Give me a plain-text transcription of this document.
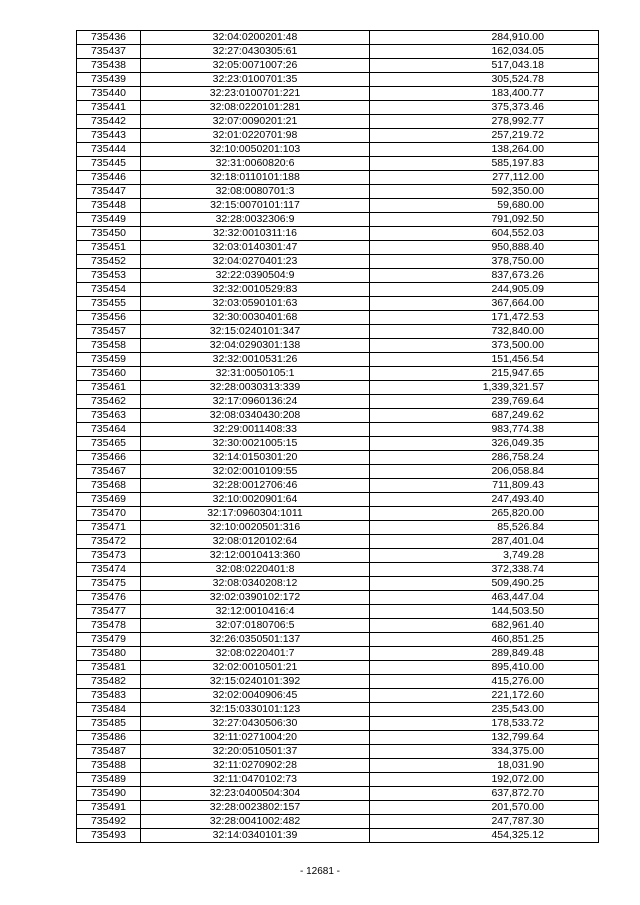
735436	32:04:0200201:48	284,910.00
735437	32:27:0430305:61	162,034.05
735438	32:05:0071007:26	517,043.18
735439	32:23:0100701:35	305,524.78
735440	32:23:0100701:221	183,400.77
735441	32:08:0220101:281	375,373.46
735442	32:07:0090201:21	278,992.77
735443	32:01:0220701:98	257,219.72
735444	32:10:0050201:103	138,264.00
735445	32:31:0060820:6	585,197.83
735446	32:18:0110101:188	277,112.00
735447	32:08:0080701:3	592,350.00
735448	32:15:0070101:117	59,680.00
735449	32:28:0032306:9	791,092.50
735450	32:32:0010311:16	604,552.03
735451	32:03:0140301:47	950,888.40
735452	32:04:0270401:23	378,750.00
735453	32:22:0390504:9	837,673.26
735454	32:32:0010529:83	244,905.09
735455	32:03:0590101:63	367,664.00
735456	32:30:0030401:68	171,472.53
735457	32:15:0240101:347	732,840.00
735458	32:04:0290301:138	373,500.00
735459	32:32:0010531:26	151,456.54
735460	32:31:0050105:1	215,947.65
735461	32:28:0030313:339	1,339,321.57
735462	32:17:0960136:24	239,769.64
735463	32:08:0340430:208	687,249.62
735464	32:29:0011408:33	983,774.38
735465	32:30:0021005:15	326,049.35
735466	32:14:0150301:20	286,758.24
735467	32:02:0010109:55	206,058.84
735468	32:28:0012706:46	711,809.43
735469	32:10:0020901:64	247,493.40
735470	32:17:0960304:1011	265,820.00
735471	32:10:0020501:316	85,526.84
735472	32:08:0120102:64	287,401.04
735473	32:12:0010413:360	3,749.28
735474	32:08:0220401:8	372,338.74
735475	32:08:0340208:12	509,490.25
735476	32:02:0390102:172	463,447.04
735477	32:12:0010416:4	144,503.50
735478	32:07:0180706:5	682,961.40
735479	32:26:0350501:137	460,851.25
735480	32:08:0220401:7	289,849.48
735481	32:02:0010501:21	895,410.00
735482	32:15:0240101:392	415,276.00
735483	32:02:0040906:45	221,172.60
735484	32:15:0330101:123	235,543.00
735485	32:27:0430506:30	178,533.72
735486	32:11:0271004:20	132,799.64
735487	32:20:0510501:37	334,375.00
735488	32:11:0270902:28	18,031.90
735489	32:11:0470102:73	192,072.00
735490	32:23:0400504:304	637,872.70
735491	32:28:0023802:157	201,570.00
735492	32:28:0041002:482	247,787.30
735493	32:14:0340101:39	454,325.12
- 12681 -
